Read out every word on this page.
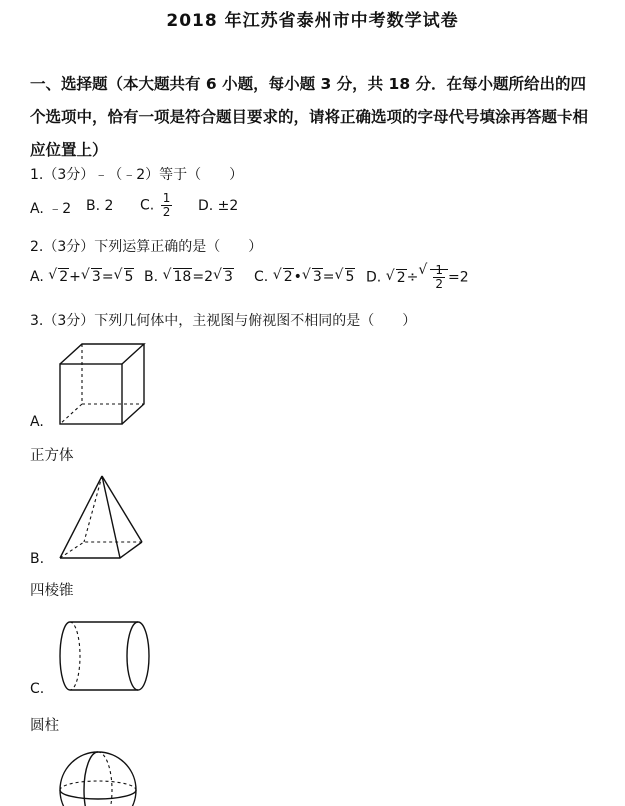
2018 年江苏省泰州市中考数学试卷
一、选择题（本大题共有 6 小题，每小题 3 分，共 18 分．在每小题所给出的四个选项中，恰有一项是符合题目要求的，请将正确选项的字母代号填涂再答题卡相应位置上）
1.（3分）﹣（﹣2）等于（　　）
A. ﹣2 B. 2 C. $\frac{1}{2} D$. ±2
2.（3分）下列运算正确的是（　　）
A. √ 2+ √ 3= √ 5 B. √ 18=2 √ 3 C. √ 2• √ 3= √ 5 D. √ 2÷ √ $\frac{1}{2} =2$
3.（3分）下列几何体中，主视图与俯视图不相同的是（　　）
A.
正方体
B.
四棱锥
C.
圆柱
